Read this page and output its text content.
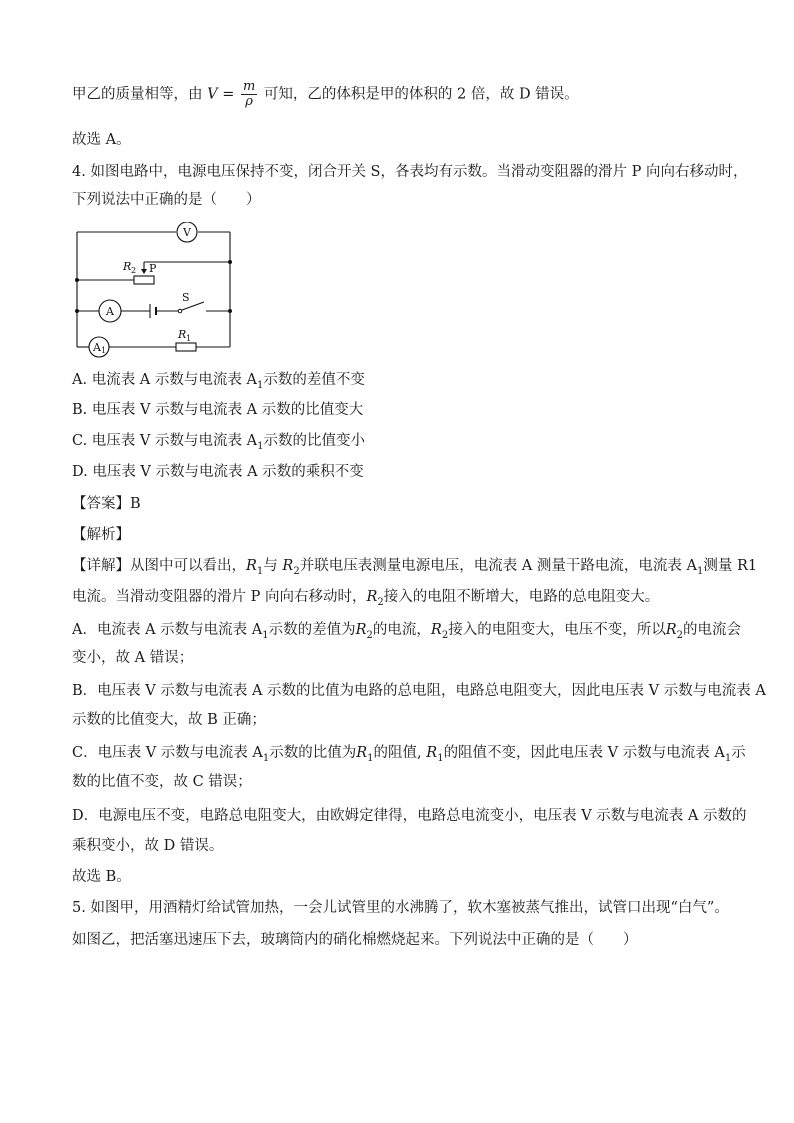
甲乙的质量相等，由 $V = \frac{m}{\rho}$ 可知，乙的体积是甲的体积的 2 倍，故 D 错误。
故选 A。
4. 如图电路中，电源电压保持不变，闭合开关 S，各表均有示数。当滑动变阻器的滑片 P 向向右移动时，
下列说法中正确的是（　　）
V
R 2 P
A
S
A 1
R 1
A. 电流表 A 示数与电流表 $A_1$示数的差值不变
B. 电压表 V 示数与电流表 A 示数的比值变大
C. 电压表 V 示数与电流表 $A_1$示数的比值变小
D. 电压表 V 示数与电流表 A 示数的乘积不变
【答案】B
【解析】
【详解】从图中可以看出，$R_1$与 $R_2$并联电压表测量电源电压，电流表 A 测量干路电流，电流表 $A_1$测量 R1
电流。当滑动变阻器的滑片 P 向向右移动时，$R_2$接入的电阻不断增大，电路的总电阻变大。
A．电流表 A 示数与电流表 $A_1$示数的差值为$R_2$的电流，$R_2$接入的电阻变大，电压不变，所以$R_2$的电流会
变小，故 A 错误；
B．电压表 V 示数与电流表 A 示数的比值为电路的总电阻，电路总电阻变大，因此电压表 V 示数与电流表 A
示数的比值变大，故 B 正确；
C．电压表 V 示数与电流表 $A_1$示数的比值为$R_1$的阻值, $R_1$的阻值不变，因此电压表 V 示数与电流表 $A_1$示
数的比值不变，故 C 错误；
D．电源电压不变，电路总电阻变大，由欧姆定律得，电路总电流变小，电压表 V 示数与电流表 A 示数的
乘积变小，故 D 错误。
故选 B。
5. 如图甲，用酒精灯给试管加热，一会儿试管里的水沸腾了，软木塞被蒸气推出，试管口出现“白气”。
如图乙，把活塞迅速压下去，玻璃筒内的硝化棉燃烧起来。下列说法中正确的是（　　）
